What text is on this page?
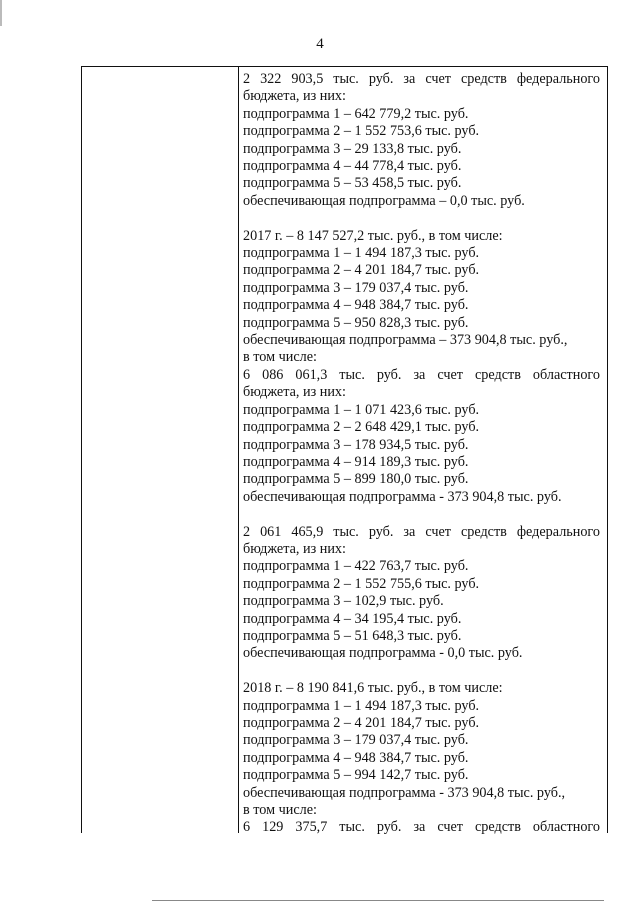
4
2 322 903,5 тыс. руб. за счет средств федерального
бюджета, из них:
подпрограмма 1 – 642 779,2 тыс. руб.
подпрограмма 2 – 1 552 753,6 тыс. руб.
подпрограмма 3 – 29 133,8 тыс. руб.
подпрограмма 4 – 44 778,4 тыс. руб.
подпрограмма 5 – 53 458,5 тыс. руб.
обеспечивающая подпрограмма – 0,0 тыс. руб.
2017 г. – 8 147 527,2 тыс. руб., в том числе:
подпрограмма 1 – 1 494 187,3 тыс. руб.
подпрограмма 2 – 4 201 184,7 тыс. руб.
подпрограмма 3 – 179 037,4 тыс. руб.
подпрограмма 4 – 948 384,7 тыс. руб.
подпрограмма 5 – 950 828,3 тыс. руб.
обеспечивающая подпрограмма – 373 904,8 тыс. руб.,
в том числе:
6 086 061,3 тыс. руб. за счет средств областного
бюджета, из них:
подпрограмма 1 – 1 071 423,6 тыс. руб.
подпрограмма 2 – 2 648 429,1 тыс. руб.
подпрограмма 3 – 178 934,5 тыс. руб.
подпрограмма 4 – 914 189,3 тыс. руб.
подпрограмма 5 – 899 180,0 тыс. руб.
обеспечивающая подпрограмма - 373 904,8 тыс. руб.
2 061 465,9 тыс. руб. за счет средств федерального
бюджета, из них:
подпрограмма 1 – 422 763,7 тыс. руб.
подпрограмма 2 – 1 552 755,6 тыс. руб.
подпрограмма 3 – 102,9 тыс. руб.
подпрограмма 4 – 34 195,4 тыс. руб.
подпрограмма 5 – 51 648,3 тыс. руб.
обеспечивающая подпрограмма - 0,0 тыс. руб.
2018 г. – 8 190 841,6 тыс. руб., в том числе:
подпрограмма 1 – 1 494 187,3 тыс. руб.
подпрограмма 2 – 4 201 184,7 тыс. руб.
подпрограмма 3 – 179 037,4 тыс. руб.
подпрограмма 4 – 948 384,7 тыс. руб.
подпрограмма 5 – 994 142,7 тыс. руб.
обеспечивающая подпрограмма - 373 904,8 тыс. руб.,
в том числе:
6 129 375,7 тыс. руб. за счет средств областного
